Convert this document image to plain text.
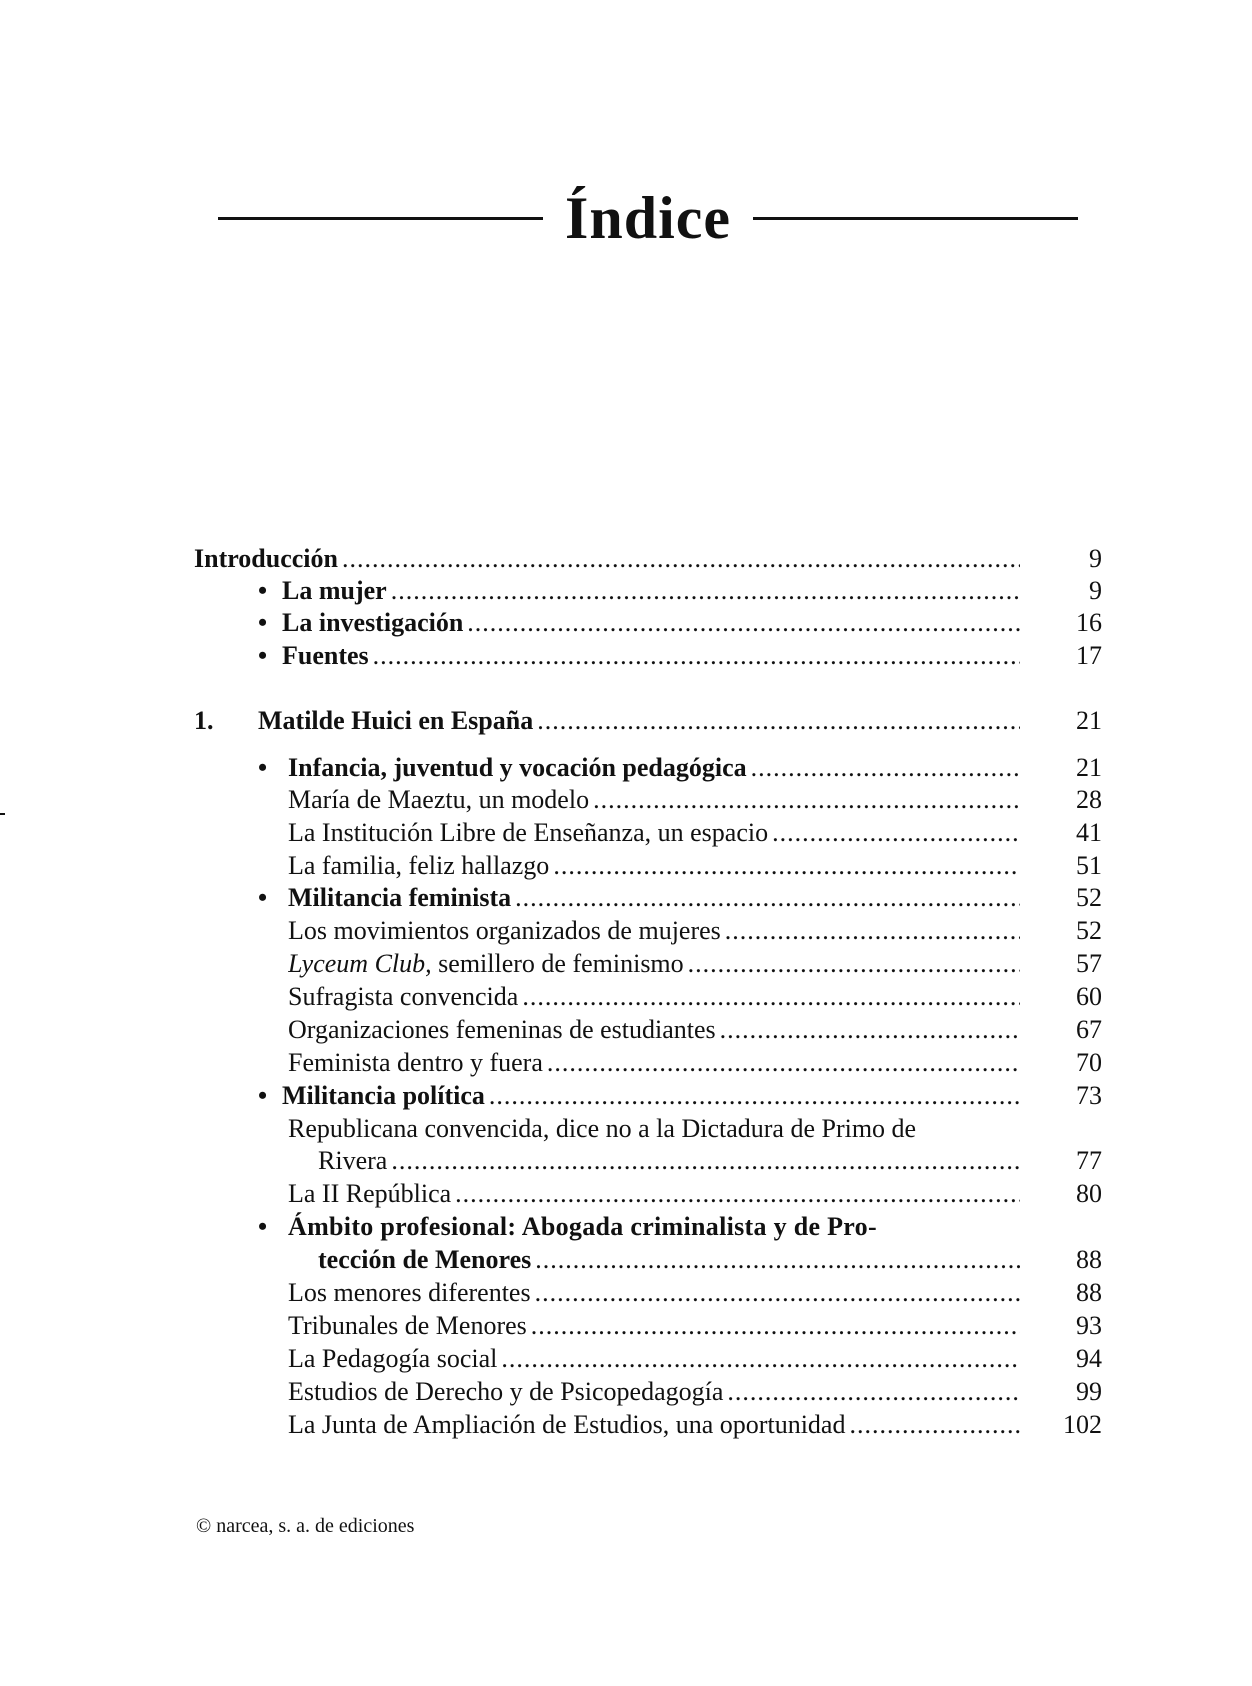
Índice
Introducción .....	9
• La mujer .....	9
• La investigación .....	16
• Fuentes .....	17
1. Matilde Huici en España .....	21
• Infancia, juventud y vocación pedagógica .....	21
María de Maeztu, un modelo .....	28
La Institución Libre de Enseñanza, un espacio .....	41
La familia, feliz hallazgo .....	51
• Militancia feminista .....	52
Los movimientos organizados de mujeres .....	52
Lyceum Club, semillero de feminismo .....	57
Sufragista convencida .....	60
Organizaciones femeninas de estudiantes .....	67
Feminista dentro y fuera .....	70
• Militancia política .....	73
Republicana convencida, dice no a la Dictadura de Primo de
Rivera .....	77
La II República .....	80
• Ámbito profesional: Abogada criminalista y de Pro-
tección de Menores .....	88
Los menores diferentes .....	88
Tribunales de Menores .....	93
La Pedagogía social .....	94
Estudios de Derecho y de Psicopedagogía .....	99
La Junta de Ampliación de Estudios, una oportunidad .....	102
© narcea, s. a. de ediciones
